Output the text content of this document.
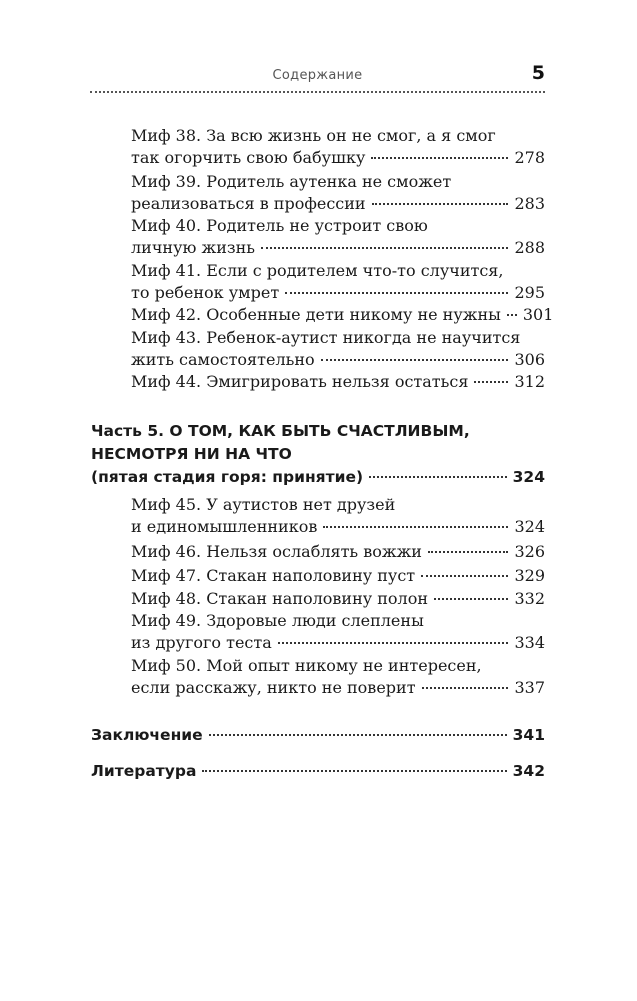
Содержание	5
Миф 38. За всю жизнь он не смог, а я смог
так огорчить свою бабушку	278
Миф 39. Родитель аутенка не сможет
реализоваться в профессии	283
Миф 40. Родитель не устроит свою
личную жизнь	288
Миф 41. Если с родителем что-то случится,
то ребенок умрет	295
Миф 42. Особенные дети никому не нужны 301
Миф 43. Ребенок-аутист никогда не научится
жить самостоятельно	306
Миф 44. Эмигрировать нельзя остаться	312
Часть 5. О ТОМ, КАК БЫТЬ СЧАСТЛИВЫМ,
НЕСМОТРЯ НИ НА ЧТО
(пятая стадия горя: принятие)	324
Миф 45. У аутистов нет друзей
и единомышленников	324
Миф 46. Нельзя ослаблять вожжи	326
Миф 47. Стакан наполовину пуст	329
Миф 48. Стакан наполовину полон	332
Миф 49. Здоровые люди слеплены
из другого теста	334
Миф 50. Мой опыт никому не интересен,
если расскажу, никто не поверит	337
Заключение	341
Литература	342
